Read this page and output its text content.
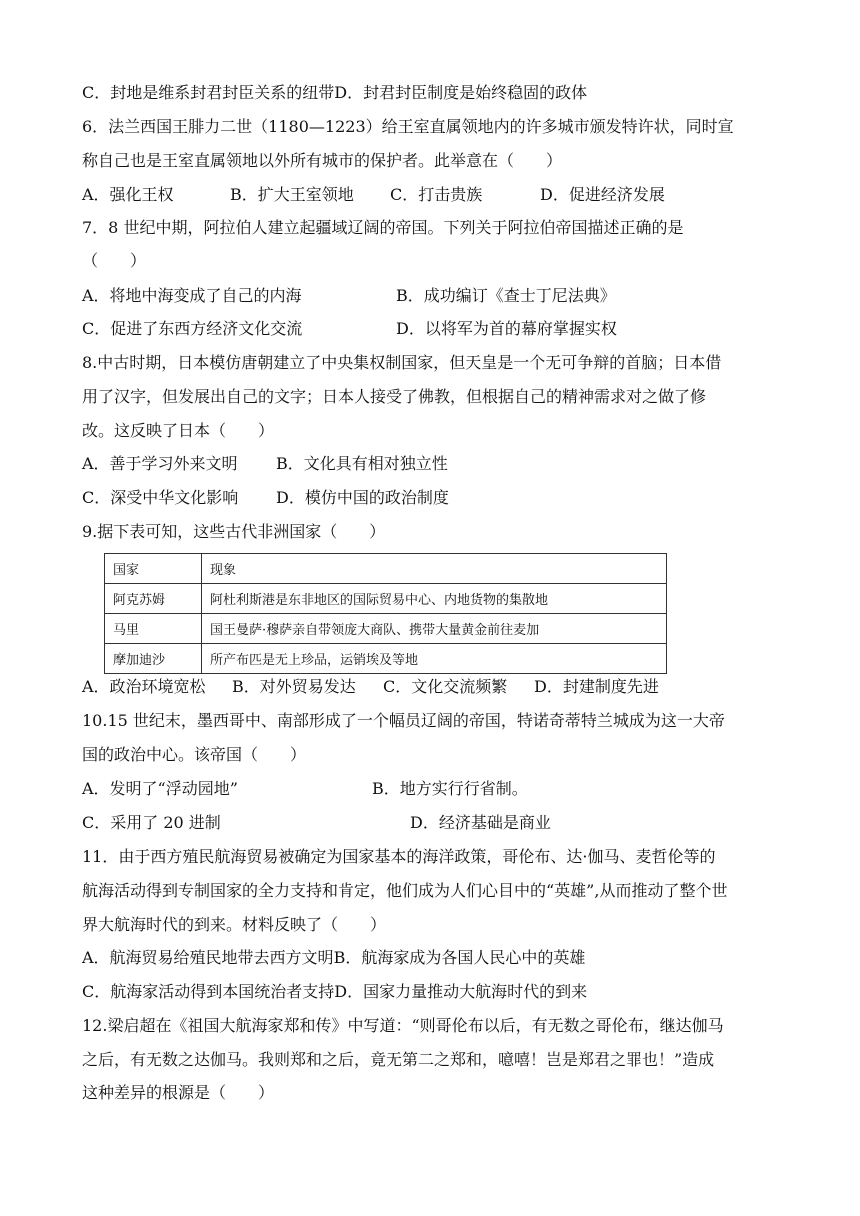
C．封地是维系封君封臣关系的纽带D．封君封臣制度是始终稳固的政体
6．法兰西国王腓力二世（1180—1223）给王室直属领地内的许多城市颁发特许状，同时宣
称自己也是王室直属领地以外所有城市的保护者。此举意在（　　）
A．强化王权	B．扩大王室领地 C．打击贵族	D．促进经济发展
7．8 世纪中期，阿拉伯人建立起疆域辽阔的帝国。下列关于阿拉伯帝国描述正确的是
（　　）
A．将地中海变成了自己的内海	B．成功编订《查士丁尼法典》
C．促进了东西方经济文化交流	D．以将军为首的幕府掌握实权
8.中古时期，日本模仿唐朝建立了中央集权制国家，但天皇是一个无可争辩的首脑；日本借
用了汉字，但发展出自己的文字；日本人接受了佛教，但根据自己的精神需求对之做了修
改。这反映了日本（　　）
A．善于学习外来文明 B．文化具有相对独立性
C．深受中华文化影响 D．模仿中国的政治制度
9.据下表可知，这些古代非洲国家（　　）
国家	现象
阿克苏姆	阿杜利斯港是东非地区的国际贸易中心、内地货物的集散地
马里	国王曼萨·穆萨亲自带领庞大商队、携带大量黄金前往麦加
摩加迪沙	所产布匹是无上珍品，运销埃及等地
A．政治环境宽松 B．对外贸易发达 C．文化交流频繁 D．封建制度先进
10.15 世纪末，墨西哥中、南部形成了一个幅员辽阔的帝国，特诺奇蒂特兰城成为这一大帝
国的政治中心。该帝国（　　）
A．发明了“浮动园地”	B．地方实行行省制。
C．采用了 20 进制	D．经济基础是商业
11．由于西方殖民航海贸易被确定为国家基本的海洋政策，哥伦布、达·伽马、麦哲伦等的
航海活动得到专制国家的全力支持和肯定，他们成为人们心目中的“英雄”,从而推动了整个世
界大航海时代的到来。材料反映了（　　）
A．航海贸易给殖民地带去西方文明B．航海家成为各国人民心中的英雄
C．航海家活动得到本国统治者支持D．国家力量推动大航海时代的到来
12.梁启超在《祖国大航海家郑和传》中写道：“则哥伦布以后，有无数之哥伦布，继达伽马
之后，有无数之达伽马。我则郑和之后，竟无第二之郑和，噫嘻！岂是郑君之罪也！”造成
这种差异的根源是（　　）
